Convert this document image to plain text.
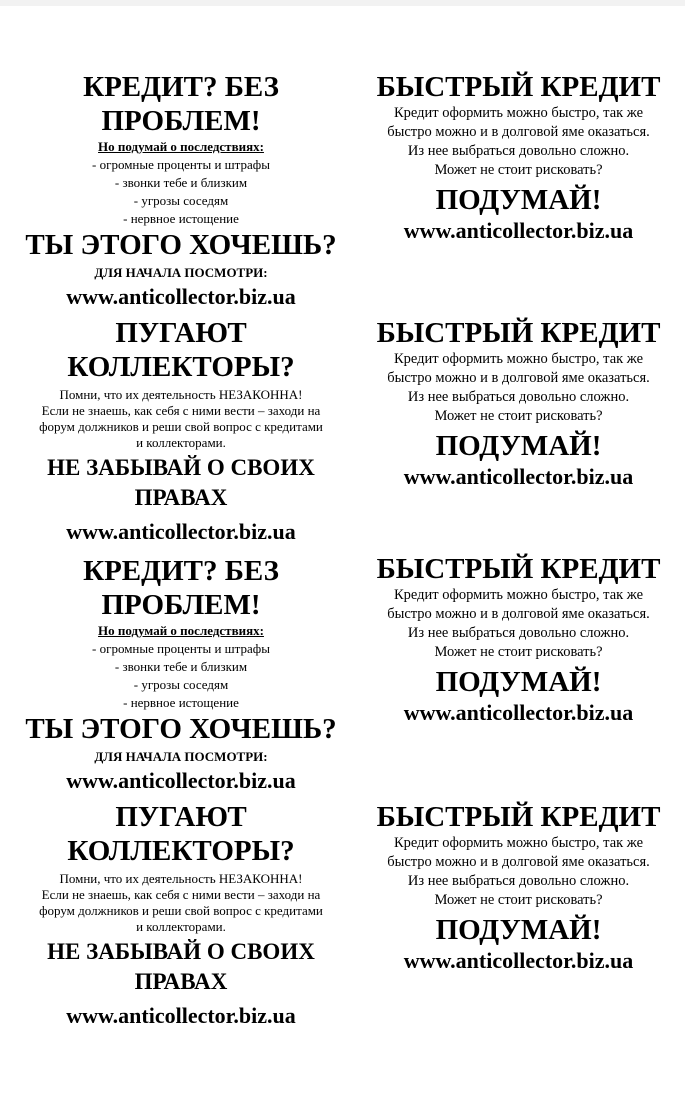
КРЕДИТ? БЕЗ
ПРОБЛЕМ!
Но подумай о последствиях:
- огромные проценты и штрафы
- звонки тебе и близким
- угрозы соседям
- нервное истощение
ТЫ ЭТОГО ХОЧЕШЬ?
ДЛЯ НАЧАЛА ПОСМОТРИ:
www.anticollector.biz.ua
ПУГАЮТ
КОЛЛЕКТОРЫ?
Помни, что их деятельность НЕЗАКОННА!
Если не знаешь, как себя с ними вести – заходи на
форум должников и реши свой вопрос с кредитами
и коллекторами.
НЕ ЗАБЫВАЙ О СВОИХ
ПРАВАХ
www.anticollector.biz.ua
КРЕДИТ? БЕЗ
ПРОБЛЕМ!
Но подумай о последствиях:
- огромные проценты и штрафы
- звонки тебе и близким
- угрозы соседям
- нервное истощение
ТЫ ЭТОГО ХОЧЕШЬ?
ДЛЯ НАЧАЛА ПОСМОТРИ:
www.anticollector.biz.ua
ПУГАЮТ
КОЛЛЕКТОРЫ?
Помни, что их деятельность НЕЗАКОННА!
Если не знаешь, как себя с ними вести – заходи на
форум должников и реши свой вопрос с кредитами
и коллекторами.
НЕ ЗАБЫВАЙ О СВОИХ
ПРАВАХ
www.anticollector.biz.ua
БЫСТРЫЙ КРЕДИТ
Кредит оформить можно быстро, так же
быстро можно и в долговой яме оказаться.
Из нее выбраться довольно сложно.
Может не стоит рисковать?
ПОДУМАЙ!
www.anticollector.biz.ua
БЫСТРЫЙ КРЕДИТ
Кредит оформить можно быстро, так же
быстро можно и в долговой яме оказаться.
Из нее выбраться довольно сложно.
Может не стоит рисковать?
ПОДУМАЙ!
www.anticollector.biz.ua
БЫСТРЫЙ КРЕДИТ
Кредит оформить можно быстро, так же
быстро можно и в долговой яме оказаться.
Из нее выбраться довольно сложно.
Может не стоит рисковать?
ПОДУМАЙ!
www.anticollector.biz.ua
БЫСТРЫЙ КРЕДИТ
Кредит оформить можно быстро, так же
быстро можно и в долговой яме оказаться.
Из нее выбраться довольно сложно.
Может не стоит рисковать?
ПОДУМАЙ!
www.anticollector.biz.ua
